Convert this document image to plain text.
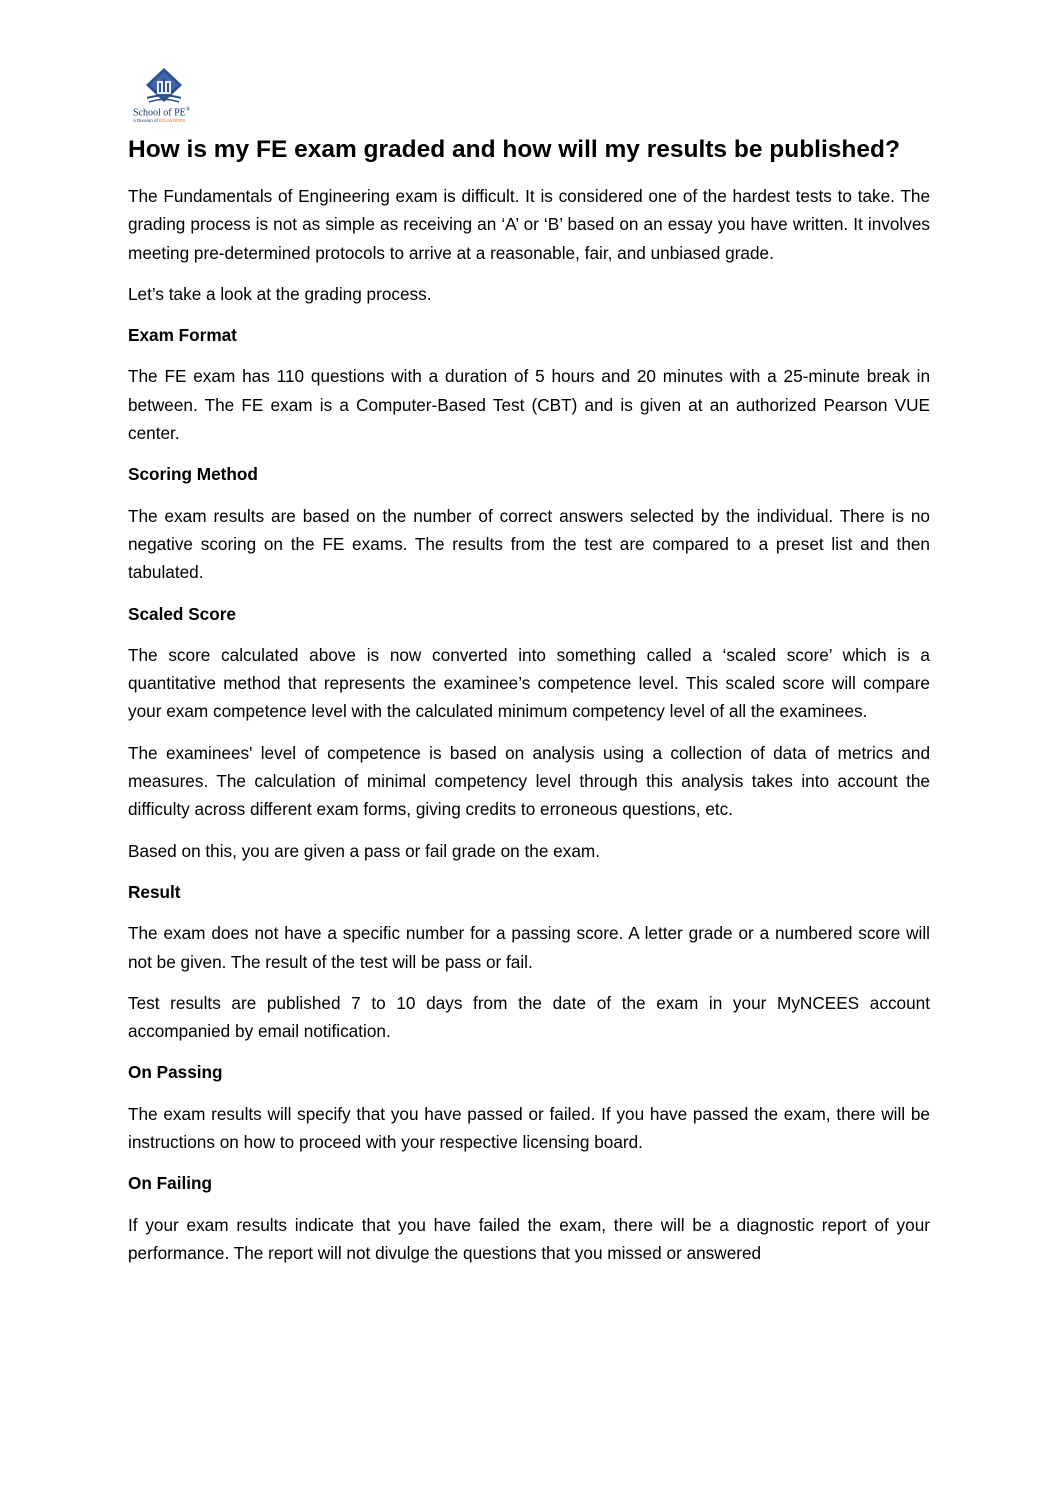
School of PE®
A Division of EDUWORKS
How is my FE exam graded and how will my results be published?

The Fundamentals of Engineering exam is difficult. It is considered one of the hardest tests to take. The grading process is not as simple as receiving an ‘A’ or ‘B’ based on an essay you have written. It involves meeting pre-determined protocols to arrive at a reasonable, fair, and unbiased grade.

Let’s take a look at the grading process.

Exam Format

The FE exam has 110 questions with a duration of 5 hours and 20 minutes with a 25-minute break in between. The FE exam is a Computer-Based Test (CBT) and is given at an authorized Pearson VUE center.

Scoring Method

The exam results are based on the number of correct answers selected by the individual. There is no negative scoring on the FE exams. The results from the test are compared to a preset list and then tabulated.

Scaled Score

The score calculated above is now converted into something called a ‘scaled score’ which is a quantitative method that represents the examinee’s competence level. This scaled score will compare your exam competence level with the calculated minimum competency level of all the examinees.

The examinees' level of competence is based on analysis using a collection of data of metrics and measures. The calculation of minimal competency level through this analysis takes into account the difficulty across different exam forms, giving credits to erroneous questions, etc.

Based on this, you are given a pass or fail grade on the exam.

Result

The exam does not have a specific number for a passing score. A letter grade or a numbered score will not be given. The result of the test will be pass or fail.

Test results are published 7 to 10 days from the date of the exam in your MyNCEES account accompanied by email notification.

On Passing

The exam results will specify that you have passed or failed. If you have passed the exam, there will be instructions on how to proceed with your respective licensing board.

On Failing

If your exam results indicate that you have failed the exam, there will be a diagnostic report of your performance. The report will not divulge the questions that you missed or answered
